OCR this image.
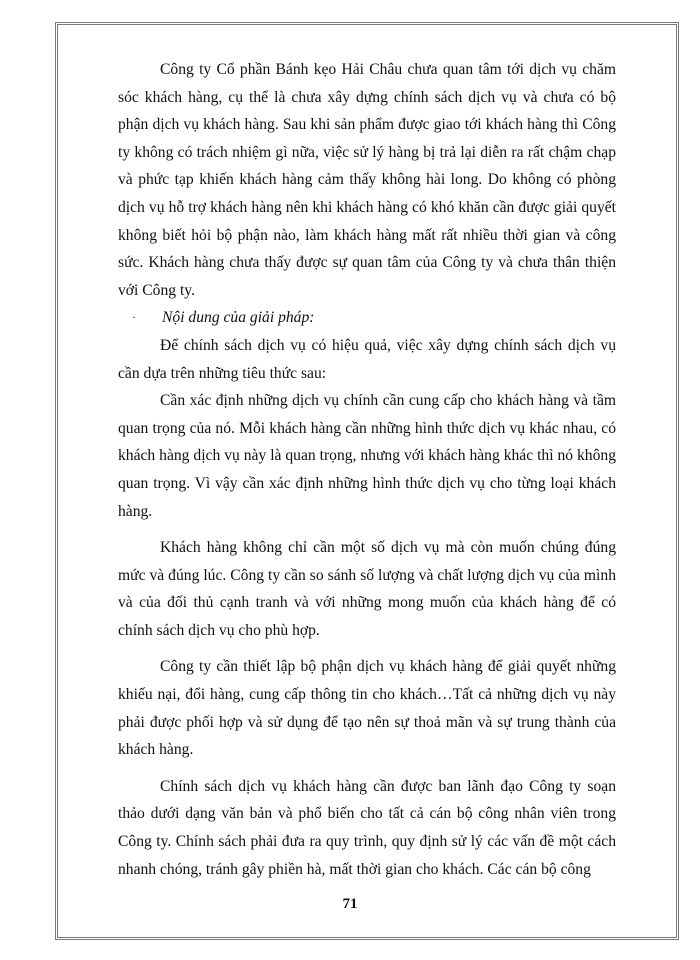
Công ty Cổ phần Bánh kẹo Hải Châu chưa quan tâm tới dịch vụ chăm sóc khách hàng, cụ thể là chưa xây dựng chính sách dịch vụ và chưa có bộ phận dịch vụ khách hàng. Sau khi sản phẩm được giao tới khách hàng thì Công ty không có trách nhiệm gì nữa, việc sử lý hàng bị trả lại diễn ra rất chậm chạp và phức tạp khiến khách hàng cảm thấy không hài long. Do không có phòng dịch vụ hỗ trợ khách hàng nên khi khách hàng có khó khăn cần được giải quyết không biết hỏi bộ phận nào, làm khách hàng mất rất nhiều thời gian và công sức. Khách hàng chưa thấy được sự quan tâm của Công ty và chưa thân thiện với Công ty.

· Nội dung của giải pháp:

Để chính sách dịch vụ có hiệu quả, việc xây dựng chính sách dịch vụ cần dựa trên những tiêu thức sau:

Cần xác định những dịch vụ chính cần cung cấp cho khách hàng và tầm quan trọng của nó. Mỗi khách hàng cần những hình thức dịch vụ khác nhau, có khách hàng dịch vụ này là quan trọng, nhưng với khách hàng khác thì nó không quan trọng. Vì vậy cần xác định những hình thức dịch vụ cho từng loại khách hàng.

Khách hàng không chỉ cần một số dịch vụ mà còn muốn chúng đúng mức và đúng lúc. Công ty cần so sánh số lượng và chất lượng dịch vụ của mình và của đối thủ cạnh tranh và với những mong muốn của khách hàng để có chính sách dịch vụ cho phù hợp.

Công ty cần thiết lập bộ phận dịch vụ khách hàng để giải quyết những khiếu nại, đổi hàng, cung cấp thông tin cho khách…Tất cả những dịch vụ này phải được phối hợp và sử dụng để tạo nên sự thoả mãn và sự trung thành của khách hàng.

Chính sách dịch vụ khách hàng cần được ban lãnh đạo Công ty soạn thảo dưới dạng văn bản và phổ biến cho tất cả cán bộ công nhân viên trong Công ty. Chính sách phải đưa ra quy trình, quy định sử lý các vấn đề một cách nhanh chóng, tránh gây phiền hà, mất thời gian cho khách. Các cán bộ công

71
